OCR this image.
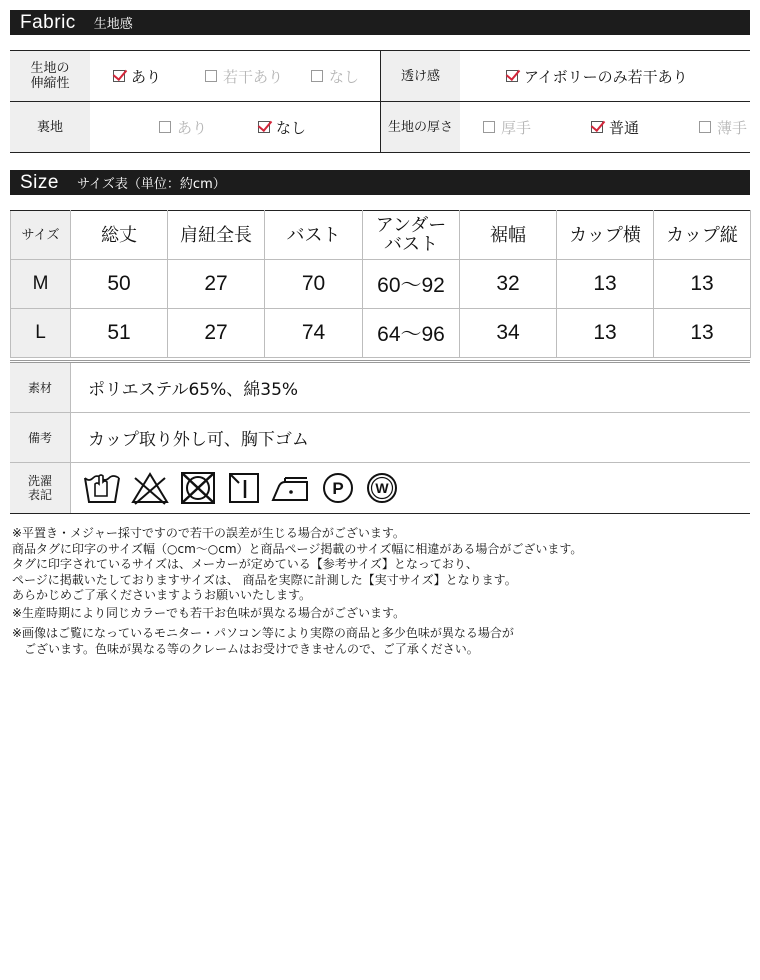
Fabric 生地感
生地の伸縮性	あり	若干あり	なし	透け感	アイボリーのみ若干あり
裏地	あり	なし	生地の厚さ	厚手	普通	薄手
Size サイズ表（単位：約cm）
サイズ	総丈	肩紐全長	バスト	アンダーバスト	裾幅	カップ横	カップ縦
M	50	27	70	60〜92	32	13	13
L	51	27	74	64〜96	34	13	13
素材	ポリエステル65%、綿35%
備考	カップ取り外し可、胸下ゴム
洗濯表記	P W

※平置き・メジャー採寸ですので若干の誤差が生じる場合がございます。

商品タグに印字のサイズ幅（○cm〜○cm）と商品ページ掲載のサイズ幅に相違がある場合がございます。

タグに印字されているサイズは、メーカーが定めている【参考サイズ】となっており、

ページに掲載いたしておりますサイズは、 商品を実際に計測した【実寸サイズ】となります。

あらかじめご了承くださいますようお願いいたします。

※生産時期により同じカラーでも若干お色味が異なる場合がございます。

※画像はご覧になっているモニター・パソコン等により実際の商品と多少色味が異なる場合が

　ございます。色味が異なる等のクレームはお受けできませんので、ご了承ください。
